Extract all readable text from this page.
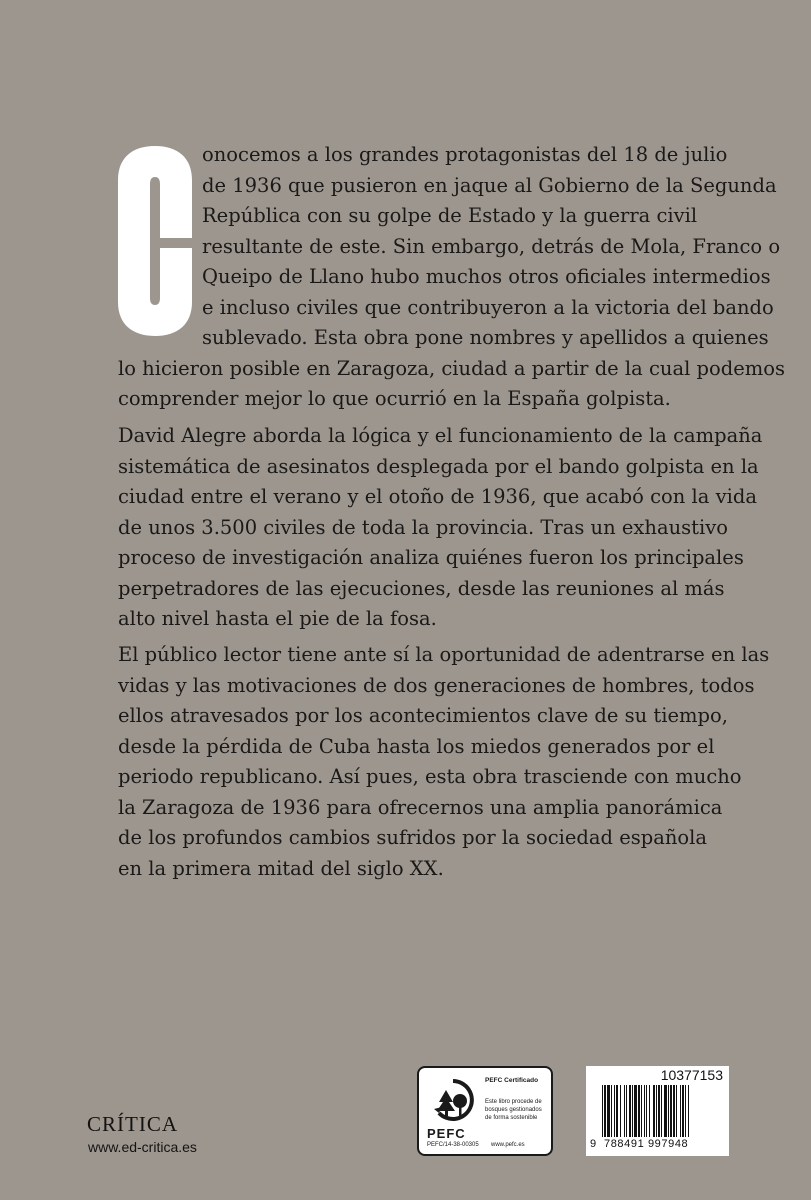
onocemos a los grandes protagonistas del 18 de julio
de 1936 que pusieron en jaque al Gobierno de la Segunda
República con su golpe de Estado y la guerra civil
resultante de este. Sin embargo, detrás de Mola, Franco o
Queipo de Llano hubo muchos otros oficiales intermedios
e incluso civiles que contribuyeron a la victoria del bando
sublevado. Esta obra pone nombres y apellidos a quienes
lo hicieron posible en Zaragoza, ciudad a partir de la cual podemos
comprender mejor lo que ocurrió en la España golpista.
David Alegre aborda la lógica y el funcionamiento de la campaña
sistemática de asesinatos desplegada por el bando golpista en la
ciudad entre el verano y el otoño de 1936, que acabó con la vida
de unos 3.500 civiles de toda la provincia. Tras un exhaustivo
proceso de investigación analiza quiénes fueron los principales
perpetradores de las ejecuciones, desde las reuniones al más
alto nivel hasta el pie de la fosa.
El público lector tiene ante sí la oportunidad de adentrarse en las
vidas y las motivaciones de dos generaciones de hombres, todos
ellos atravesados por los acontecimientos clave de su tiempo,
desde la pérdida de Cuba hasta los miedos generados por el
periodo republicano. Así pues, esta obra trasciende con mucho
la Zaragoza de 1936 para ofrecernos una amplia panorámica
de los profundos cambios sufridos por la sociedad española
en la primera mitad del siglo XX.
CRÍTICA
www.ed-critica.es
PEFC
PEFC/14-38-00305
PEFC Certificado
Este libro procede de bosques gestionados de forma sostenible
www.pefc.es
10377153
9 788491 997948
